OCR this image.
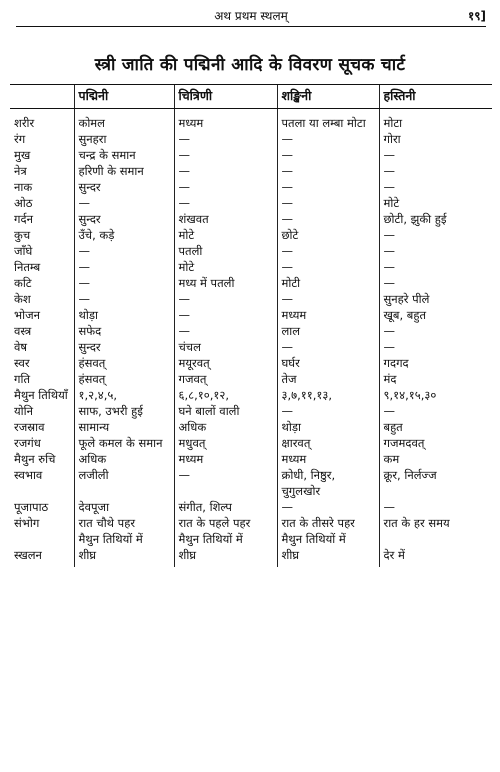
अथ प्रथम स्थलम्	१९]
स्त्री जाति की पद्मिनी आदि के विवरण सूचक चार्ट
	पद्मिनी	चित्रिणी	शङ्खिनी	हस्तिनी
शरीर	कोमल	मध्यम	पतला या लम्बा मोटा	मोटा
रंग	सुनहरा	—	—	गोरा
मुख	चन्द्र के समान	—	—	—
नेत्र	हरिणी के समान	—	—	—
नाक	सुन्दर	—	—	—
ओठ	—	—	—	मोटे
गर्दन	सुन्दर	शंखवत	—	छोटी, झुकी हुई
कुच	उँचे, कड़े	मोटे	छोटे	—
जाँघे	—	पतली	—	—
नितम्ब	—	मोटे	—	—
कटि	—	मध्य में पतली	मोटी	—
केश	—	—	—	सुनहरे पीले
भोजन	थोड़ा	—	मध्यम	खूब, बहुत
वस्त्र	सफेद	—	लाल	—
वेष	सुन्दर	चंचल	—	—
स्वर	हंसवत्	मयूरवत्	घर्घर	गदगद
गति	हंसवत्	गजवत्	तेज	मंद
मैथुन तिथियाँ	१,२,४,५,	६,८,१०,१२,	३,७,११,१३,	९,१४,१५,३०
योनि	साफ, उभरी हुई	घने बालों वाली	—	—
रजस्राव	सामान्य	अधिक	थोड़ा	बहुत
रजगंध	फूले कमल के समान	मधुवत्	क्षारवत्	गजमदवत्
मैथुन रुचि	अधिक	मध्यम	मध्यम	कम
स्वभाव	लजीली	—	क्रोधी, निष्ठुर, चुगुलखोर	क्रूर, निर्लज्ज
पूजापाठ	देवपूजा	संगीत, शिल्प	—	—
संभोग	रात चौथे पहर	रात के पहले पहर	रात के तीसरे पहर	रात के हर समय
	मैथुन तिथियों में	मैथुन तिथियों में	मैथुन तिथियों में	
स्खलन	शीघ्र	शीघ्र	शीघ्र	देर में
